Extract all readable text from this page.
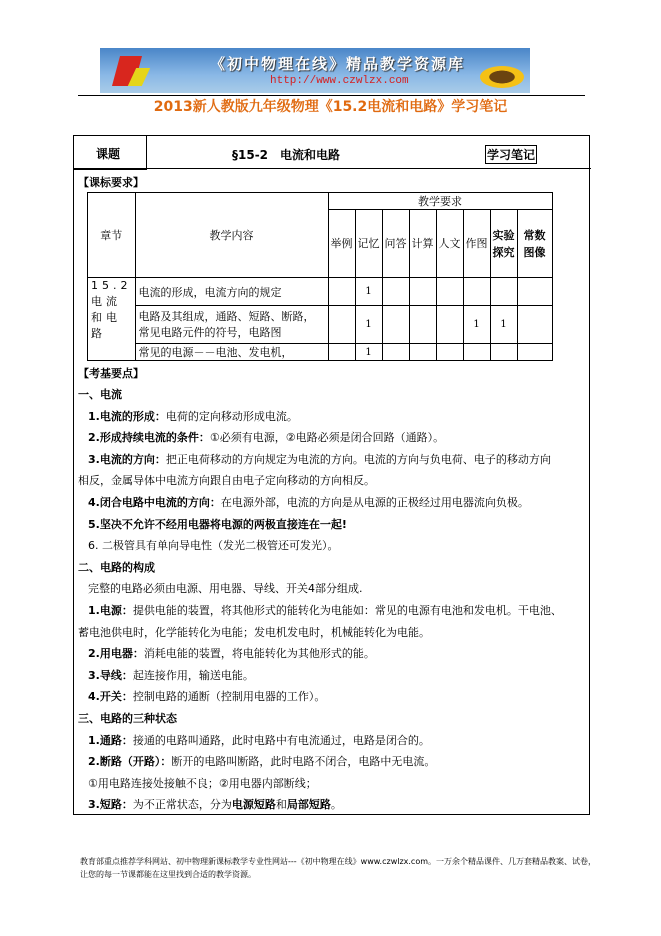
《初中物理在线》精品教学资源库
http://www.czwlzx.com
2013新人教版九年级物理《15.2电流和电路》学习笔记
课题	§15-2　电流和电路	学习笔记
【课标要求】
章节	教学内容	教学要求							
		举例	记忆	问答	计算	人文	作图	实验探究	常数图像
15.2 电流和电路	电流的形成，电流方向的规定		1						
	电路及其组成，通路、短路、断路，常见电路元件的符号，电路图		1				1	1	
	常见的电源－－电池、发电机，		1						
【考基要点】
一、电流
1.电流的形成：电荷的定向移动形成电流。
2.形成持续电流的条件：①必须有电源，②电路必须是闭合回路（通路）。
3.电流的方向：把正电荷移动的方向规定为电流的方向。电流的方向与负电荷、电子的移动方向
相反，金属导体中电流方向跟自由电子定向移动的方向相反。
4.闭合电路中电流的方向：在电源外部，电流的方向是从电源的正极经过用电器流向负极。
5.坚决不允许不经用电器将电源的两极直接连在一起!
6. 二极管具有单向导电性（发光二极管还可发光）。
二、电路的构成
完整的电路必须由电源、用电器、导线、开关4部分组成.
1.电源：提供电能的装置，将其他形式的能转化为电能如：常见的电源有电池和发电机。干电池、
蓄电池供电时，化学能转化为电能；发电机发电时，机械能转化为电能。
2.用电器：消耗电能的装置，将电能转化为其他形式的能。
3.导线：起连接作用，输送电能。
4.开关：控制电路的通断（控制用电器的工作）。
三、电路的三种状态
1.通路：接通的电路叫通路，此时电路中有电流通过，电路是闭合的。
2.断路（开路）：断开的电路叫断路，此时电路不闭合，电路中无电流。
①用电路连接处接触不良；②用电器内部断线；
3.短路：为不正常状态，分为电源短路和局部短路。
教育部重点推荐学科网站、初中物理新课标教学专业性网站---《初中物理在线》www.czwlzx.com。一万余个精品课件、几万套精品教案、试卷，让您的每一节课都能在这里找到合适的教学资源。
